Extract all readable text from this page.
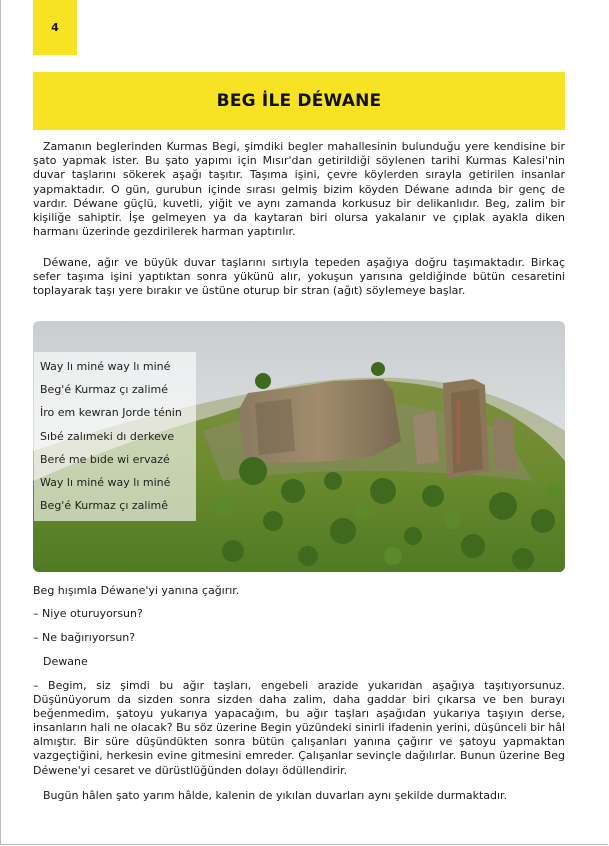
4
BEG İLE DÉWANE

Zamanın beglerinden Kurmas Begi, şimdiki begler mahallesinin bulunduğu yere kendisine bir şato yapmak ister. Bu şato yapımı için Mısır'dan getirildiği söylenen tarihi Kurmas Kalesi'nin duvar taşlarını sökerek aşağı taşıtır. Taşıma işini, çevre köylerden sırayla getirilen insanlar yapmaktadır. O gün, gurubun içinde sırası gelmiş bizim köyden Déwane adında bir genç de vardır. Déwane güçlü, kuvetli, yiğit ve aynı zamanda korkusuz bir delikanlıdır. Beg, zalim bir kişiliğe sahiptir. İşe gelmeyen ya da kaytaran biri olursa yakalanır ve çıplak ayakla diken harmanı üzerinde gezdirilerek harman yaptırılır.

Déwane, ağır ve büyük duvar taşlarını sırtıyla tepeden aşağıya doğru taşımaktadır. Birkaç sefer taşıma işini yaptıktan sonra yükünü alır, yokuşun yarısına geldiğinde bütün cesaretini toplayarak taşı yere bırakır ve üstüne oturup bir stran (ağıt) söylemeye başlar.

Way lı miné way lı miné
Beg'é Kurmaz çı zalimé
İro em kewran Jorde ténin
Sıbé zalımeki dı derkeve
Beré me bıde wi ervazé
Way lı miné way lı miné
Beg'é Kurmaz çı zalimê

Beg hışımla Déwane'yi yanına çağırır.

– Niye oturuyorsun?

– Ne bağırıyorsun?

Dewane

– Begim, siz şimdi bu ağır taşları, engebeli arazide yukarıdan aşağıya taşıtıyorsunuz. Düşünüyorum da sizden sonra sizden daha zalim, daha gaddar biri çıkarsa ve ben burayı beğenmedim, şatoyu yukarıya yapacağım, bu ağır taşları aşağıdan yukarıya taşıyın derse, insanların hali ne olacak? Bu söz üzerine Begin yüzündeki sinirli ifadenin yerini, düşünceli bir hâl almıştır. Bir süre düşündükten sonra bütün çalışanları yanına çağırır ve şatoyu yapmaktan vazgeçtiğini, herkesin evine gitmesini emreder. Çalışanlar sevinçle dağılırlar. Bunun üzerine Beg Déwene'yi cesaret ve dürüstlüğünden dolayı ödüllendirir.

Bugün hâlen şato yarım hâlde, kalenin de yıkılan duvarları aynı şekilde durmaktadır.
